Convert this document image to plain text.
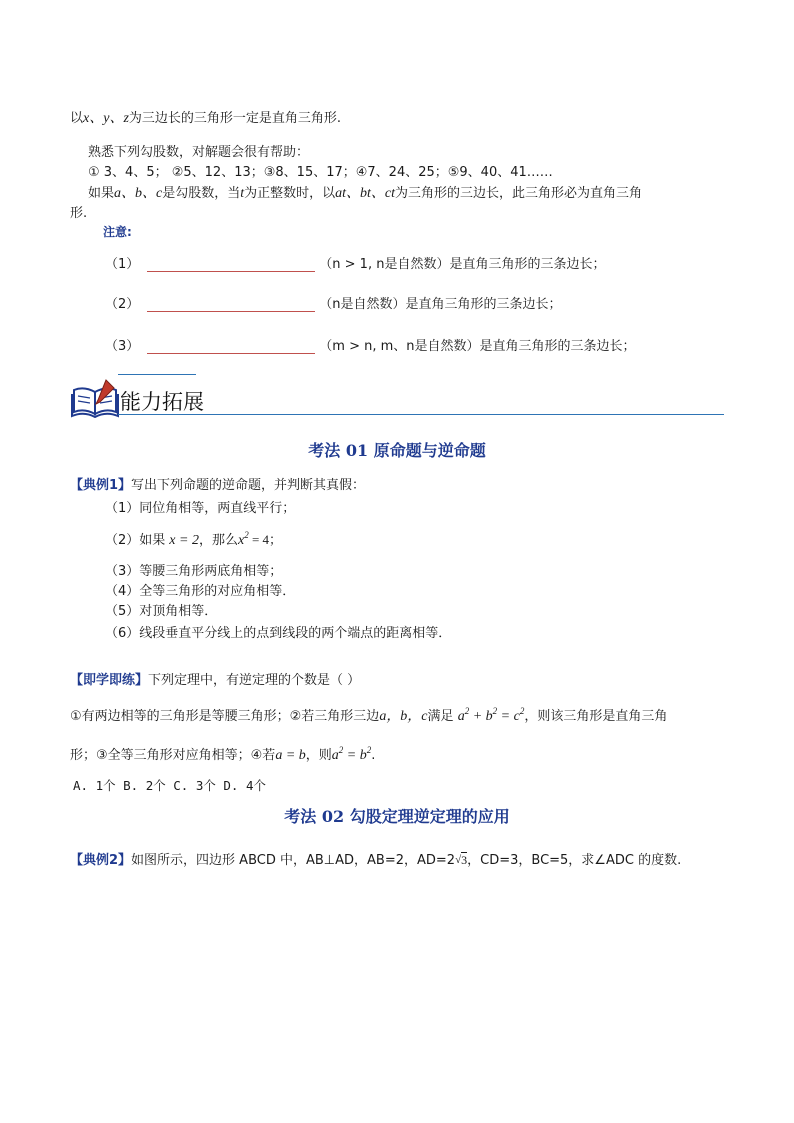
以x、y、z为三边长的三角形一定是直角三角形.
熟悉下列勾股数，对解题会很有帮助：
① 3、4、5； ②5、12、13；③8、15、17；④7、24、25；⑤9、40、41……
如果a、b、c是勾股数，当t为正整数时，以at、bt、ct为三角形的三边长，此三角形必为直角三角
形.
注意:
（1）	（n > 1, n是自然数）是直角三角形的三条边长；
（2）	（n是自然数）是直角三角形的三条边长；
（3）	（m > n, m、n是自然数）是直角三角形的三条边长；
能力拓展
考法 01 原命题与逆命题
【典例1】写出下列命题的逆命题，并判断其真假：
（1）同位角相等，两直线平行；
（2）如果 x = 2，那么$x^2 = 4$；
（3）等腰三角形两底角相等；
（4）全等三角形的对应角相等．
（5）对顶角相等．
（6）线段垂直平分线上的点到线段的两个端点的距离相等．
【即学即练】下列定理中，有逆定理的个数是（ ）
①有两边相等的三角形是等腰三角形；②若三角形三边a，b，c满足 $a^2 + b^2 = c^2$，则该三角形是直角三角
形；③全等三角形对应角相等；④若a = b，则$a^2 = b^2$.
A. 1个 B. 2个 C. 3个 D. 4个
考法 02 勾股定理逆定理的应用
【典例2】如图所示，四边形 ABCD 中，AB⊥AD，AB=2，AD=2√3，CD=3，BC=5，求∠ADC 的度数.
